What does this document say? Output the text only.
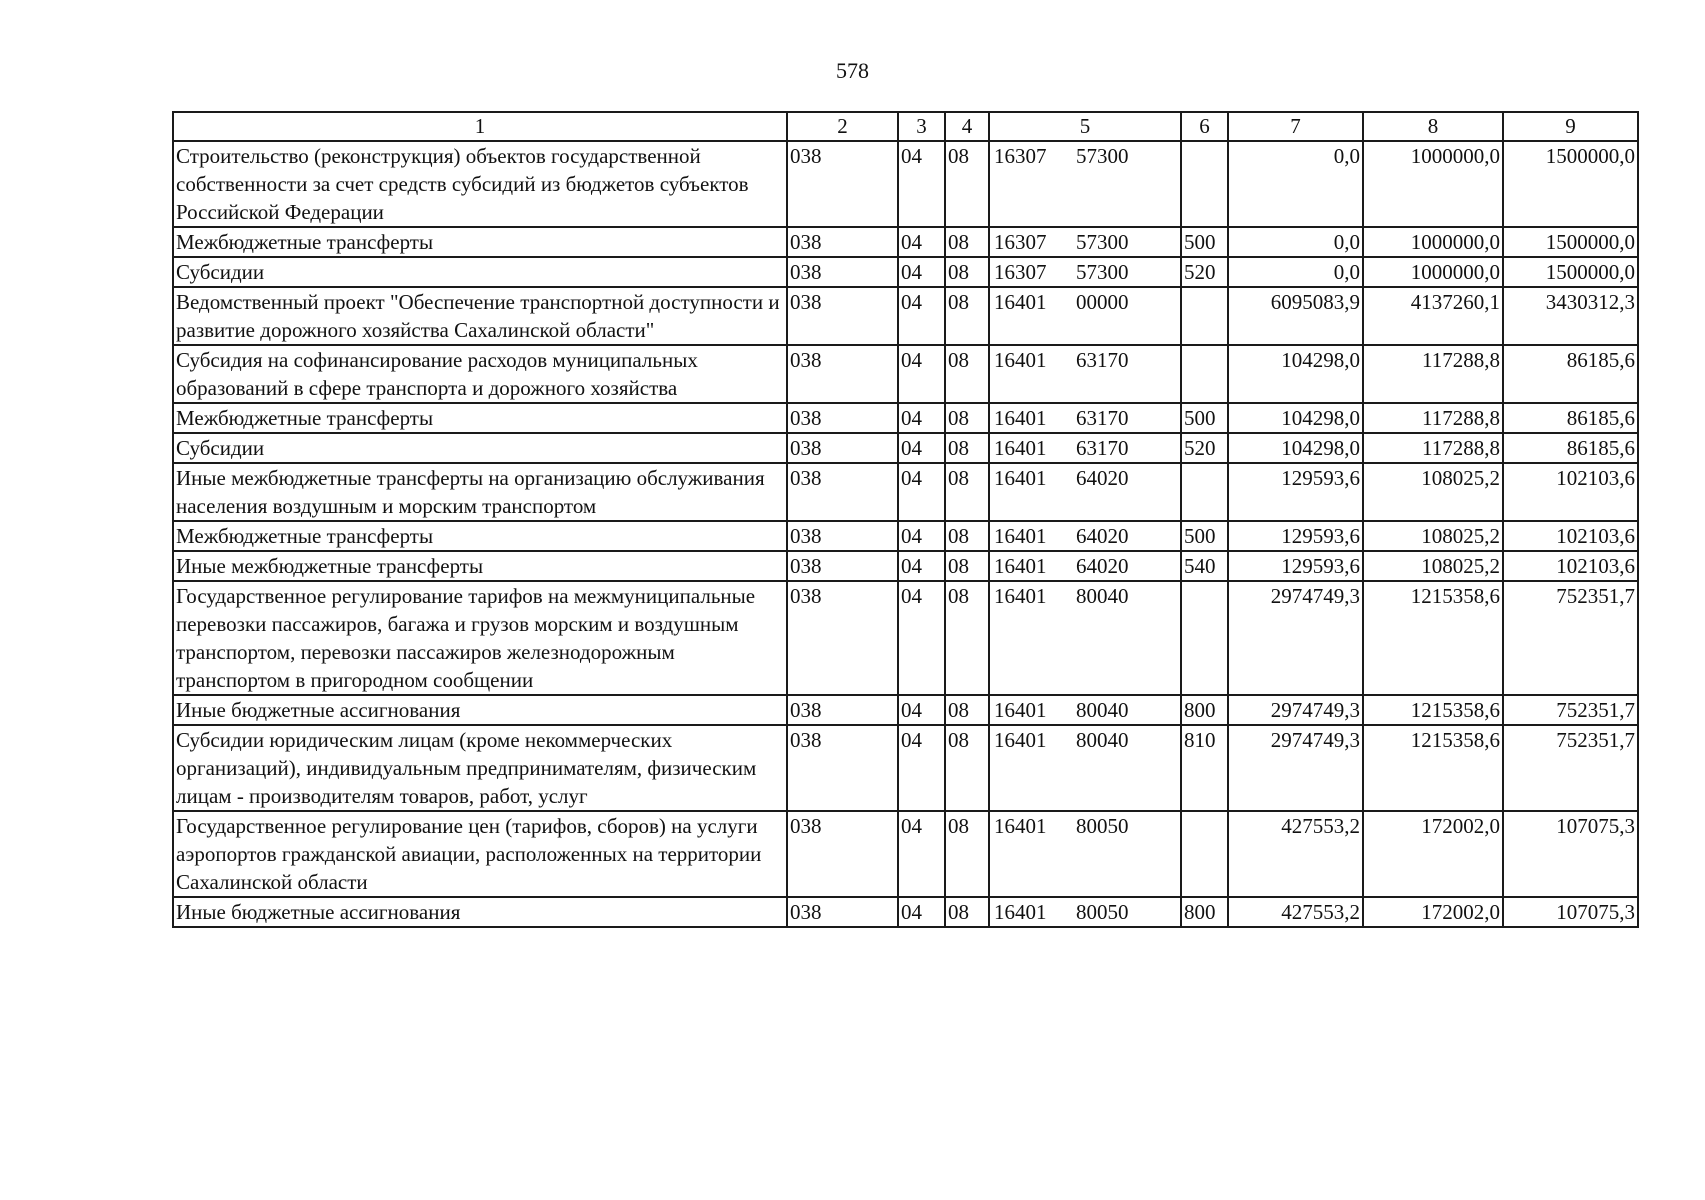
578
1	2	3	4	5	6	7	8	9
Строительство (реконструкция) объектов государственной собственности за счет средств субсидий из бюджетов субъектов Российской Федерации	038	04	08	16307 57300		0,0	1000000,0	1500000,0
Межбюджетные трансферты	038	04	08	16307 57300	500	0,0	1000000,0	1500000,0
Субсидии	038	04	08	16307 57300	520	0,0	1000000,0	1500000,0
Ведомственный проект "Обеспечение транспортной доступности и развитие дорожного хозяйства Сахалинской области"	038	04	08	16401 00000		6095083,9	4137260,1	3430312,3
Субсидия на софинансирование расходов муниципальных образований в сфере транспорта и дорожного хозяйства	038	04	08	16401 63170		104298,0	117288,8	86185,6
Межбюджетные трансферты	038	04	08	16401 63170	500	104298,0	117288,8	86185,6
Субсидии	038	04	08	16401 63170	520	104298,0	117288,8	86185,6
Иные межбюджетные трансферты на организацию обслуживания населения воздушным и морским транспортом	038	04	08	16401 64020		129593,6	108025,2	102103,6
Межбюджетные трансферты	038	04	08	16401 64020	500	129593,6	108025,2	102103,6
Иные межбюджетные трансферты	038	04	08	16401 64020	540	129593,6	108025,2	102103,6
Государственное регулирование тарифов на межмуниципальные перевозки пассажиров, багажа и грузов морским и воздушным транспортом, перевозки пассажиров железнодорожным транспортом в пригородном сообщении	038	04	08	16401 80040		2974749,3	1215358,6	752351,7
Иные бюджетные ассигнования	038	04	08	16401 80040	800	2974749,3	1215358,6	752351,7
Субсидии юридическим лицам (кроме некоммерческих организаций), индивидуальным предпринимателям, физическим лицам - производителям товаров, работ, услуг	038	04	08	16401 80040	810	2974749,3	1215358,6	752351,7
Государственное регулирование цен (тарифов, сборов) на услуги аэропортов гражданской авиации, расположенных на территории Сахалинской области	038	04	08	16401 80050		427553,2	172002,0	107075,3
Иные бюджетные ассигнования	038	04	08	16401 80050	800	427553,2	172002,0	107075,3
